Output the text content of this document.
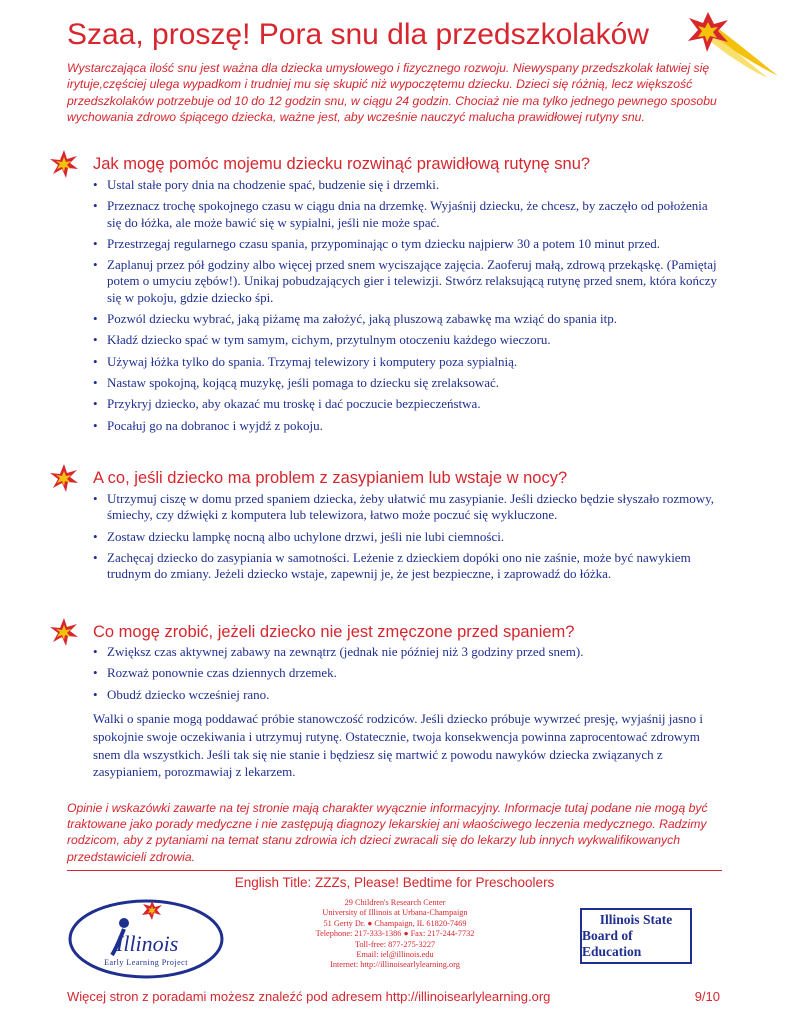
Szaa, proszę! Pora snu dla przedszkolaków

Wystarczająca ilość snu jest ważna dla dziecka umysłowego i fizycznego rozwoju. Niewyspany przedszkolak łatwiej się irytuje,częściej ulega wypadkom i trudniej mu się skupić niż wypoczętemu dziecku. Dzieci się różnią, lecz większość przedszkolaków potrzebuje od 10 do 12 godzin snu, w ciągu 24 godzin. Chociaż nie ma tylko jednego pewnego sposobu wychowania zdrowo śpiącego dziecka, ważne jest, aby wcześnie nauczyć malucha prawidłowej rutyny snu.

Jak mogę pomóc mojemu dziecku rozwinąć prawidłową rutynę snu?
• Ustal stałe pory dnia na chodzenie spać, budzenie się i drzemki.
• Przeznacz trochę spokojnego czasu w ciągu dnia na drzemkę. Wyjaśnij dziecku, że chcesz, by zaczęło od położenia się do łóżka, ale może bawić się w sypialni, jeśli nie może spać.
• Przestrzegaj regularnego czasu spania, przypominając o tym dziecku najpierw 30 a potem 10 minut przed.
• Zaplanuj przez pół godziny albo więcej przed snem wyciszające zajęcia. Zaoferuj małą, zdrową przekąskę. (Pamiętaj potem o umyciu zębów!). Unikaj pobudzających gier i telewizji. Stwórz relaksującą rutynę przed snem, która kończy się w pokoju, gdzie dziecko śpi.
• Pozwól dziecku wybrać, jaką piżamę ma założyć, jaką pluszową zabawkę ma wziąć do spania itp.
• Kładź dziecko spać w tym samym, cichym, przytulnym otoczeniu każdego wieczoru.
• Używaj łóżka tylko do spania. Trzymaj telewizory i komputery poza sypialnią.
• Nastaw spokojną, kojącą muzykę, jeśli pomaga to dziecku się zrelaksować.
• Przykryj dziecko, aby okazać mu troskę i dać poczucie bezpieczeństwa.
• Pocałuj go na dobranoc i wyjdź z pokoju.
A co, jeśli dziecko ma problem z zasypianiem lub wstaje w nocy?
• Utrzymuj ciszę w domu przed spaniem dziecka, żeby ułatwić mu zasypianie. Jeśli dziecko będzie słyszało rozmowy, śmiechy, czy dźwięki z komputera lub telewizora, łatwo może poczuć się wykluczone.
• Zostaw dziecku lampkę nocną albo uchylone drzwi, jeśli nie lubi ciemności.
• Zachęcaj dziecko do zasypiania w samotności. Leżenie z dzieckiem dopóki ono nie zaśnie, może być nawykiem trudnym do zmiany. Jeżeli dziecko wstaje, zapewnij je, że jest bezpieczne, i zaprowadź do łóżka.
Co mogę zrobić, jeżeli dziecko nie jest zmęczone przed spaniem?
• Zwiększ czas aktywnej zabawy na zewnątrz (jednak nie później niż 3 godziny przed snem).
• Rozważ ponownie czas dziennych drzemek.
• Obudź dziecko wcześniej rano.

Walki o spanie mogą poddawać próbie stanowczość rodziców. Jeśli dziecko próbuje wywrzeć presję, wyjaśnij jasno i spokojnie swoje oczekiwania i utrzymuj rutynę. Ostatecznie, twoja konsekwencja powinna zaprocentować zdrowym snem dla wszystkich. Jeśli tak się nie stanie i będziesz się martwić z powodu nawyków dziecka związanych z zasypianiem, porozmawiaj z lekarzem.

Opinie i wskazówki zawarte na tej stronie mają charakter wyącznie informacyjny. Informacje tutaj podane nie mogą być traktowane jako porady medyczne i nie zastępują diagnozy lekarskiej ani właościwego leczenia medycznego. Radzimy rodzicom, aby z pytaniami na temat stanu zdrowia ich dzieci zwracali się do lekarzy lub innych wykwalifikowanych przedstawicieli zdrowia.

English Title: ZZZs, Please! Bedtime for Preschoolers

Illinois
Early Learning Project
29 Children's Research Center
University of Illinois at Urbana-Champaign
51 Gerty Dr. ● Champaign, IL 61820-7469
Telephone: 217-333-1386 ● Fax: 217-244-7732
Toll-free: 877-275-3227
Email: iel@illinois.edu
Internet: http://illinoisearlylearning.org
Illinois State
Board of Education

Więcej stron z poradami możesz znaleźć pod adresem http://illinoisearlylearning.org	9/10
